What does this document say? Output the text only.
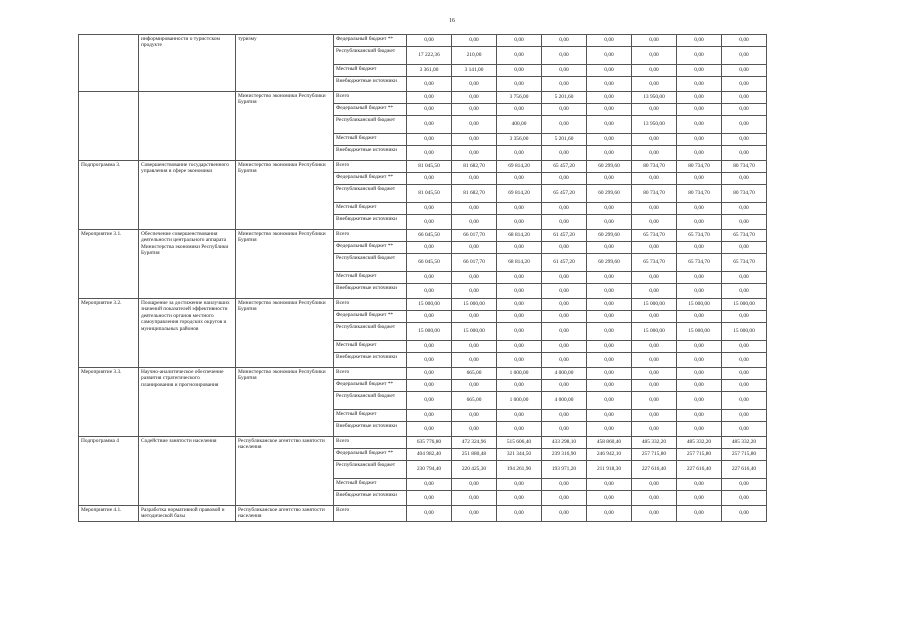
16
	информированности о туристском продукте	туризму	Федеральный бюджет **	0,00	0,00	0,00	0,00	0,00	0,00	0,00	0,00
			Республиканский бюджет	17 222,36	210,00	0,00	0,00	0,00	0,00	0,00	0,00
			Местный бюджет	3 361,00	3 141,00	0,00	0,00	0,00	0,00	0,00	0,00
			Внебюджетные источники	0,00	0,00	0,00	0,00	0,00	0,00	0,00	0,00
		Министерство экономики Республики Бурятия	Всего	0,00	0,00	3 756,00	5 201,60	0,00	13 950,00	0,00	0,00
			Федеральный бюджет **	0,00	0,00	0,00	0,00	0,00	0,00	0,00	0,00
			Республиканский бюджет	0,00	0,00	400,00	0,00	0,00	13 950,00	0,00	0,00
			Местный бюджет	0,00	0,00	3 356,00	5 201,60	0,00	0,00	0,00	0,00
			Внебюджетные источники	0,00	0,00	0,00	0,00	0,00	0,00	0,00	0,00
Подпрограмма 3.	Совершенствование государственного управления в сфере экономики	Министерство экономики Республики Бурятия	Всего	81 045,50	81 682,70	69 814,20	65 457,20	60 299,60	80 734,70	80 734,70	80 734,70
			Федеральный бюджет **	0,00	0,00	0,00	0,00	0,00	0,00	0,00	0,00
			Республиканский бюджет	81 045,50	81 682,70	69 814,20	65 457,20	60 299,60	80 734,70	80 734,70	80 734,70
			Местный бюджет	0,00	0,00	0,00	0,00	0,00	0,00	0,00	0,00
			Внебюджетные источники	0,00	0,00	0,00	0,00	0,00	0,00	0,00	0,00
Мероприятие 3.1.	Обеспечение совершенствования деятельности центрального аппарата Министерства экономики Республики Бурятия	Министерство экономики Республики Бурятия	Всего	66 045,50	66 017,70	68 814,20	61 457,20	60 299,60	65 734,70	65 734,70	65 734,70
			Федеральный бюджет **	0,00	0,00	0,00	0,00	0,00	0,00	0,00	0,00
			Республиканский бюджет	66 045,50	66 017,70	68 814,20	61 457,20	60 299,60	65 734,70	65 734,70	65 734,70
			Местный бюджет	0,00	0,00	0,00	0,00	0,00	0,00	0,00	0,00
			Внебюджетные источники	0,00	0,00	0,00	0,00	0,00	0,00	0,00	0,00
Мероприятие 3.2.	Поощрение за достижение наилучших значений показателей эффективности деятельности органов местного самоуправления городских округов и муниципальных районов	Министерство экономики Республики Бурятия	Всего	15 000,00	15 000,00	0,00	0,00	0,00	15 000,00	15 000,00	15 000,00
			Федеральный бюджет **	0,00	0,00	0,00	0,00	0,00	0,00	0,00	0,00
			Республиканский бюджет	15 000,00	15 000,00	0,00	0,00	0,00	15 000,00	15 000,00	15 000,00
			Местный бюджет	0,00	0,00	0,00	0,00	0,00	0,00	0,00	0,00
			Внебюджетные источники	0,00	0,00	0,00	0,00	0,00	0,00	0,00	0,00
Мероприятие 3.3.	Научно-аналитическое обеспечение развития стратегического планирования и прогнозирования	Министерство экономики Республики Бурятия	Всего	0,00	665,00	1 000,00	4 000,00	0,00	0,00	0,00	0,00
			Федеральный бюджет **	0,00	0,00	0,00	0,00	0,00	0,00	0,00	0,00
			Республиканский бюджет	0,00	665,00	1 000,00	4 000,00	0,00	0,00	0,00	0,00
			Местный бюджет	0,00	0,00	0,00	0,00	0,00	0,00	0,00	0,00
			Внебюджетные источники	0,00	0,00	0,00	0,00	0,00	0,00	0,00	0,00
Подпрограмма 4	Содействие занятости населения	Республиканское агентство занятости населения	Всего	635 776,80	472 324,96	515 606,40	433 298,10	458 860,40	485 332,20	485 332,20	485 332,20
			Федеральный бюджет **	404 982,40	251 880,48	321 344,50	239 316,90	246 942,10	257 715,80	257 715,80	257 715,80
			Республиканский бюджет	230 794,40	220 425,30	194 261,90	193 971,20	211 918,30	227 616,40	227 616,40	227 616,40
			Местный бюджет	0,00	0,00	0,00	0,00	0,00	0,00	0,00	0,00
			Внебюджетные источники	0,00	0,00	0,00	0,00	0,00	0,00	0,00	0,00
Мероприятие 4.1.	Разработка нормативной правовой и методической базы	Республиканское агентство занятости населения	Всего	0,00	0,00	0,00	0,00	0,00	0,00	0,00	0,00
